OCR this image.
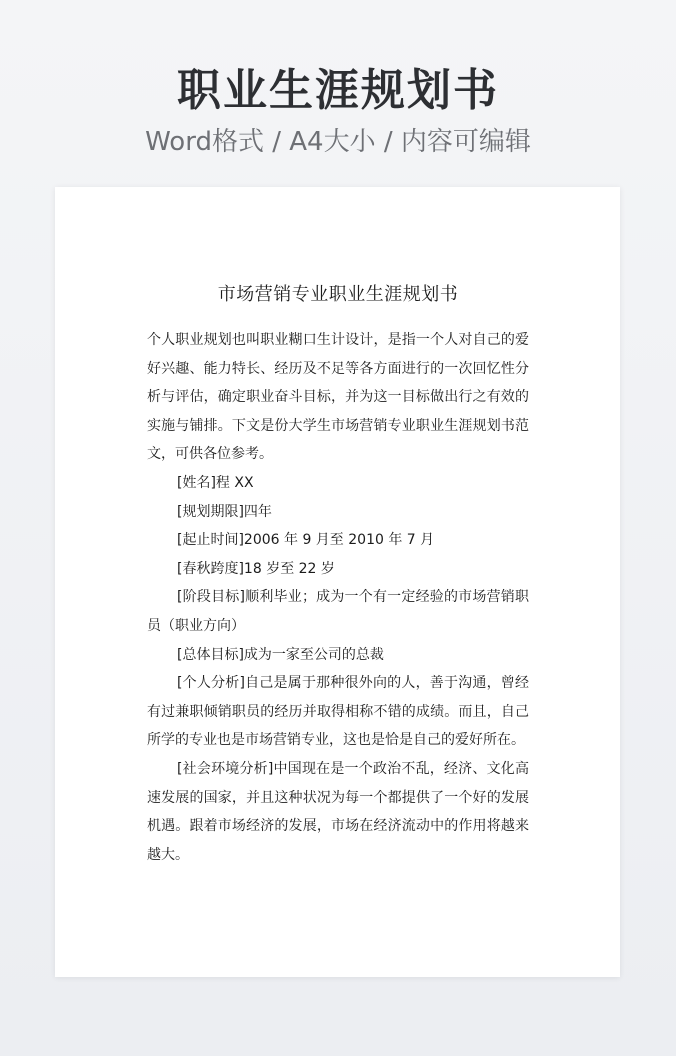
职业生涯规划书
Word格式 / A4大小 / 内容可编辑
市场营销专业职业生涯规划书

个人职业规划也叫职业糊口生计设计，是指一个人对自己的爱好兴趣、能力特长、经历及不足等各方面进行的一次回忆性分析与评估，确定职业奋斗目标，并为这一目标做出行之有效的实施与铺排。下文是份大学生市场营销专业职业生涯规划书范文，可供各位参考。

[姓名]程 XX

[规划期限]四年

[起止时间]2006 年 9 月至 2010 年 7 月

[春秋跨度]18 岁至 22 岁

[阶段目标]顺利毕业；成为一个有一定经验的市场营销职员（职业方向）

[总体目标]成为一家至公司的总裁

[个人分析]自己是属于那种很外向的人，善于沟通，曾经有过兼职倾销职员的经历并取得相称不错的成绩。而且，自己所学的专业也是市场营销专业，这也是恰是自己的爱好所在。

[社会环境分析]中国现在是一个政治不乱，经济、文化高速发展的国家，并且这种状况为每一个都提供了一个好的发展机遇。跟着市场经济的发展，市场在经济流动中的作用将越来越大。
